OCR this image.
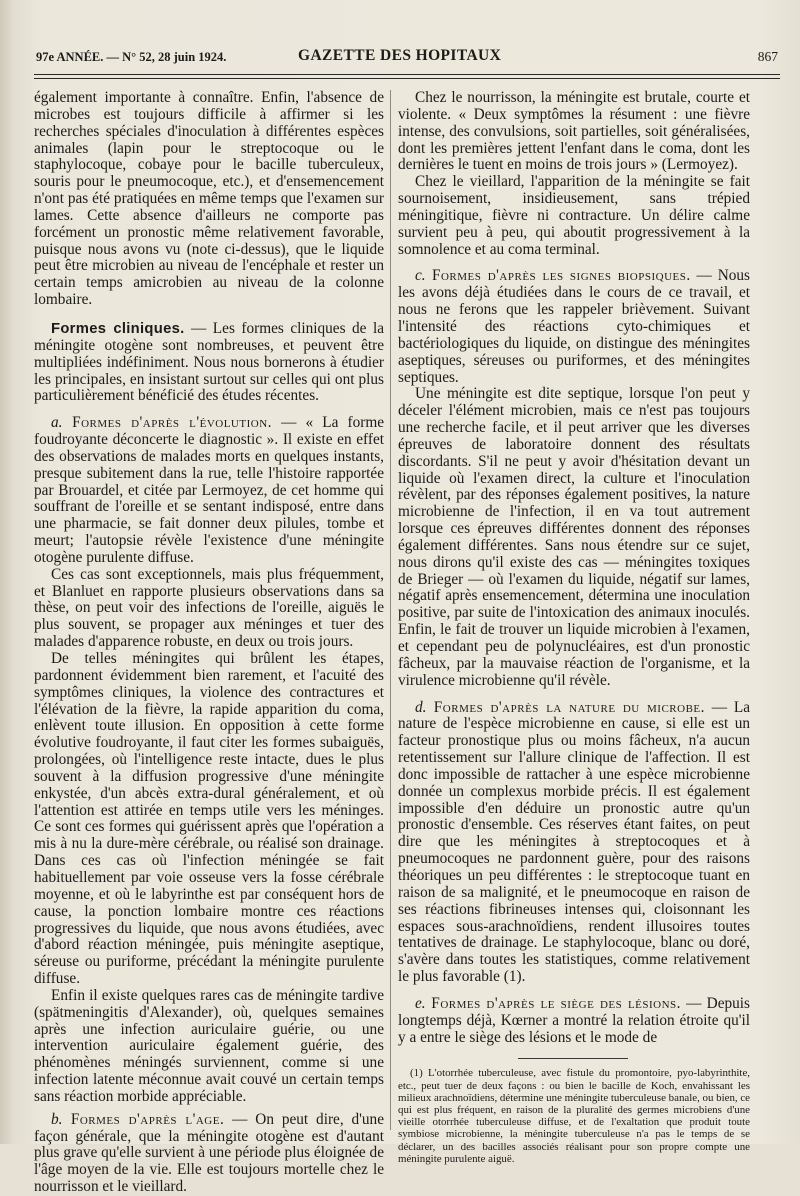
97e ANNÉE. — N° 52, 28 juin 1924.	GAZETTE DES HOPITAUX	867

également importante à connaître. Enfin, l'absence de microbes est toujours difficile à affirmer si les recherches spéciales d'inoculation à différentes espèces animales (lapin pour le streptocoque ou le staphylocoque, cobaye pour le bacille tuberculeux, souris pour le pneumocoque, etc.), et d'ensemencement n'ont pas été pratiquées en même temps que l'examen sur lames. Cette absence d'ailleurs ne comporte pas forcément un pronostic même relativement favorable, puisque nous avons vu (note ci-dessus), que le liquide peut être microbien au niveau de l'encéphale et rester un certain temps amicrobien au niveau de la colonne lombaire.

Formes cliniques. — Les formes cliniques de la méningite otogène sont nombreuses, et peuvent être multipliées indéfiniment. Nous nous bornerons à étudier les principales, en insistant surtout sur celles qui ont plus particulièrement bénéficié des études récentes.

a. Formes d'après l'évolution. — « La forme foudroyante déconcerte le diagnostic ». Il existe en effet des observations de malades morts en quelques instants, presque subitement dans la rue, telle l'histoire rapportée par Brouardel, et citée par Lermoyez, de cet homme qui souffrant de l'oreille et se sentant indisposé, entre dans une pharmacie, se fait donner deux pilules, tombe et meurt; l'autopsie révèle l'existence d'une méningite otogène purulente diffuse.

Ces cas sont exceptionnels, mais plus fréquemment, et Blanluet en rapporte plusieurs observations dans sa thèse, on peut voir des infections de l'oreille, aiguës le plus souvent, se propager aux méninges et tuer des malades d'apparence robuste, en deux ou trois jours.

De telles méningites qui brûlent les étapes, pardonnent évidemment bien rarement, et l'acuité des symptômes cliniques, la violence des contractures et l'élévation de la fièvre, la rapide apparition du coma, enlèvent toute illusion. En opposition à cette forme évolutive foudroyante, il faut citer les formes subaiguës, prolongées, où l'intelligence reste intacte, dues le plus souvent à la diffusion progressive d'une méningite enkystée, d'un abcès extra-dural généralement, et où l'attention est attirée en temps utile vers les méninges. Ce sont ces formes qui guérissent après que l'opération a mis à nu la dure-mère cérébrale, ou réalisé son drainage. Dans ces cas où l'infection méningée se fait habituellement par voie osseuse vers la fosse cérébrale moyenne, et où le labyrinthe est par conséquent hors de cause, la ponction lombaire montre ces réactions progressives du liquide, que nous avons étudiées, avec d'abord réaction méningée, puis méningite aseptique, séreuse ou puriforme, précédant la méningite purulente diffuse.

Enfin il existe quelques rares cas de méningite tardive (spätmeningitis d'Alexander), où, quelques semaines après une infection auriculaire guérie, ou une intervention auriculaire également guérie, des phénomènes méningés surviennent, comme si une infection latente méconnue avait couvé un certain temps sans réaction morbide appréciable.

b. Formes d'après l'age. — On peut dire, d'une façon générale, que la méningite otogène est d'autant plus grave qu'elle survient à une période plus éloignée de l'âge moyen de la vie. Elle est toujours mortelle chez le nourrisson et le vieillard.

Chez le nourrisson, la méningite est brutale, courte et violente. « Deux symptômes la résument : une fièvre intense, des convulsions, soit partielles, soit généralisées, dont les premières jettent l'enfant dans le coma, dont les dernières le tuent en moins de trois jours » (Lermoyez).

Chez le vieillard, l'apparition de la méningite se fait sournoisement, insidieusement, sans trépied méningitique, fièvre ni contracture. Un délire calme survient peu à peu, qui aboutit progressivement à la somnolence et au coma terminal.

c. Formes d'après les signes biopsiques. — Nous les avons déjà étudiées dans le cours de ce travail, et nous ne ferons que les rappeler brièvement. Suivant l'intensité des réactions cyto-chimiques et bactériologiques du liquide, on distingue des méningites aseptiques, séreuses ou puriformes, et des méningites septiques.

Une méningite est dite septique, lorsque l'on peut y déceler l'élément microbien, mais ce n'est pas toujours une recherche facile, et il peut arriver que les diverses épreuves de laboratoire donnent des résultats discordants. S'il ne peut y avoir d'hésitation devant un liquide où l'examen direct, la culture et l'inoculation révèlent, par des réponses également positives, la nature microbienne de l'infection, il en va tout autrement lorsque ces épreuves différentes donnent des réponses également différentes. Sans nous étendre sur ce sujet, nous dirons qu'il existe des cas — méningites toxiques de Brieger — où l'examen du liquide, négatif sur lames, négatif après ensemencement, détermina une inoculation positive, par suite de l'intoxication des animaux inoculés. Enfin, le fait de trouver un liquide microbien à l'examen, et cependant peu de polynucléaires, est d'un pronostic fâcheux, par la mauvaise réaction de l'organisme, et la virulence microbienne qu'il révèle.

d. Formes d'après la nature du microbe. — La nature de l'espèce microbienne en cause, si elle est un facteur pronostique plus ou moins fâcheux, n'a aucun retentissement sur l'allure clinique de l'affection. Il est donc impossible de rattacher à une espèce microbienne donnée un complexus morbide précis. Il est également impossible d'en déduire un pronostic autre qu'un pronostic d'ensemble. Ces réserves étant faites, on peut dire que les méningites à streptocoques et à pneumocoques ne pardonnent guère, pour des raisons théoriques un peu différentes : le streptocoque tuant en raison de sa malignité, et le pneumocoque en raison de ses réactions fibrineuses intenses qui, cloisonnant les espaces sous-arachnoïdiens, rendent illusoires toutes tentatives de drainage. Le staphylocoque, blanc ou doré, s'avère dans toutes les statistiques, comme relativement le plus favorable (1).

e. Formes d'après le siège des lésions. — Depuis longtemps déjà, Kœrner a montré la relation étroite qu'il y a entre le siège des lésions et le mode de

(1) L'otorrhée tuberculeuse, avec fistule du promontoire, pyo-labyrinthite, etc., peut tuer de deux façons : ou bien le bacille de Koch, envahissant les milieux arachnoïdiens, détermine une méningite tuberculeuse banale, ou bien, ce qui est plus fréquent, en raison de la pluralité des germes microbiens d'une vieille otorrhée tuberculeuse diffuse, et de l'exaltation que produit toute symbiose microbienne, la méningite tuberculeuse n'a pas le temps de se déclarer, un des bacilles associés réalisant pour son propre compte une méningite purulente aiguë.
